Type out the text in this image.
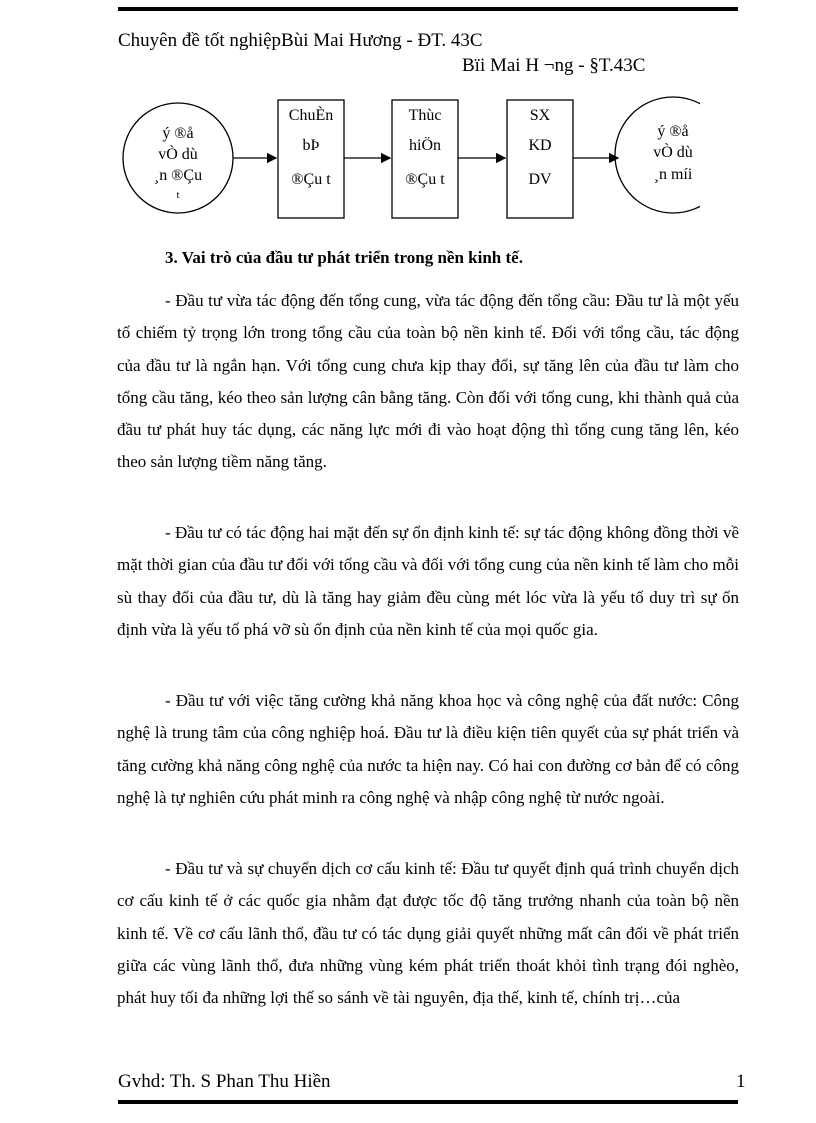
Chuyên đề tốt nghiệpBùi Mai Hương - ĐT. 43C
Bïi Mai H ¬ng - §T.43C
ý ®å
vÒ dù
¸n ®Çu
t
ChuÈn
bÞ
®Çu t
Thùc
hiÖn
®Çu t
SX
KD
DV
ý ®å
vÒ dù
¸n míi
3. Vai trò của đầu tư phát triển trong nền kinh tế.

- Đầu tư vừa tác động đến tổng cung, vừa tác động đến tổng cầu: Đầu tư là một yếu tố chiếm tỷ trọng lớn trong tổng cầu của toàn bộ nền kinh tế. Đối với tổng cầu, tác động của đầu tư là ngắn hạn. Với tổng cung chưa kịp thay đổi, sự tăng lên của đầu tư làm cho tổng cầu tăng, kéo theo sản lượng cân bằng tăng. Còn đối với tổng cung, khi thành quả của đầu tư phát huy tác dụng, các năng lực mới đi vào hoạt động thì tổng cung tăng lên, kéo theo sản lượng tiềm năng tăng.

- Đầu tư có tác động hai mặt đến sự ổn định kinh tế: sự tác động không đồng thời về mặt thời gian của đầu tư đối với tổng cầu và đối với tổng cung của nền kinh tế làm cho mỗi sù thay đổi của đầu tư, dù là tăng hay giảm đều cùng mét lóc vừa là yếu tố duy trì sự ổn định vừa là yếu tố phá vỡ sù ổn định của nền kinh tế của mọi quốc gia.

- Đầu tư với việc tăng cường khả năng khoa học và công nghệ của đất nước: Công nghệ là trung tâm của công nghiệp hoá. Đầu tư là điều kiện tiên quyết của sự phát triển và tăng cường khả năng công nghệ của nước ta hiện nay. Có hai con đường cơ bản để có công nghệ là tự nghiên cứu phát minh ra công nghệ và nhập công nghệ từ nước ngoài.

- Đầu tư và sự chuyển dịch cơ cấu kinh tế: Đầu tư quyết định quá trình chuyển dịch cơ cấu kinh tế ở các quốc gia nhằm đạt được tốc độ tăng trưởng nhanh của toàn bộ nền kinh tế. Về cơ cấu lãnh thổ, đầu tư có tác dụng giải quyết những mất cân đối về phát triển giữa các vùng lãnh thổ, đưa những vùng kém phát triển thoát khỏi tình trạng đói nghèo, phát huy tối đa những lợi thế so sánh về tài nguyên, địa thế, kinh tế, chính trị…của

Gvhd: Th. S Phan Thu Hiền	1
